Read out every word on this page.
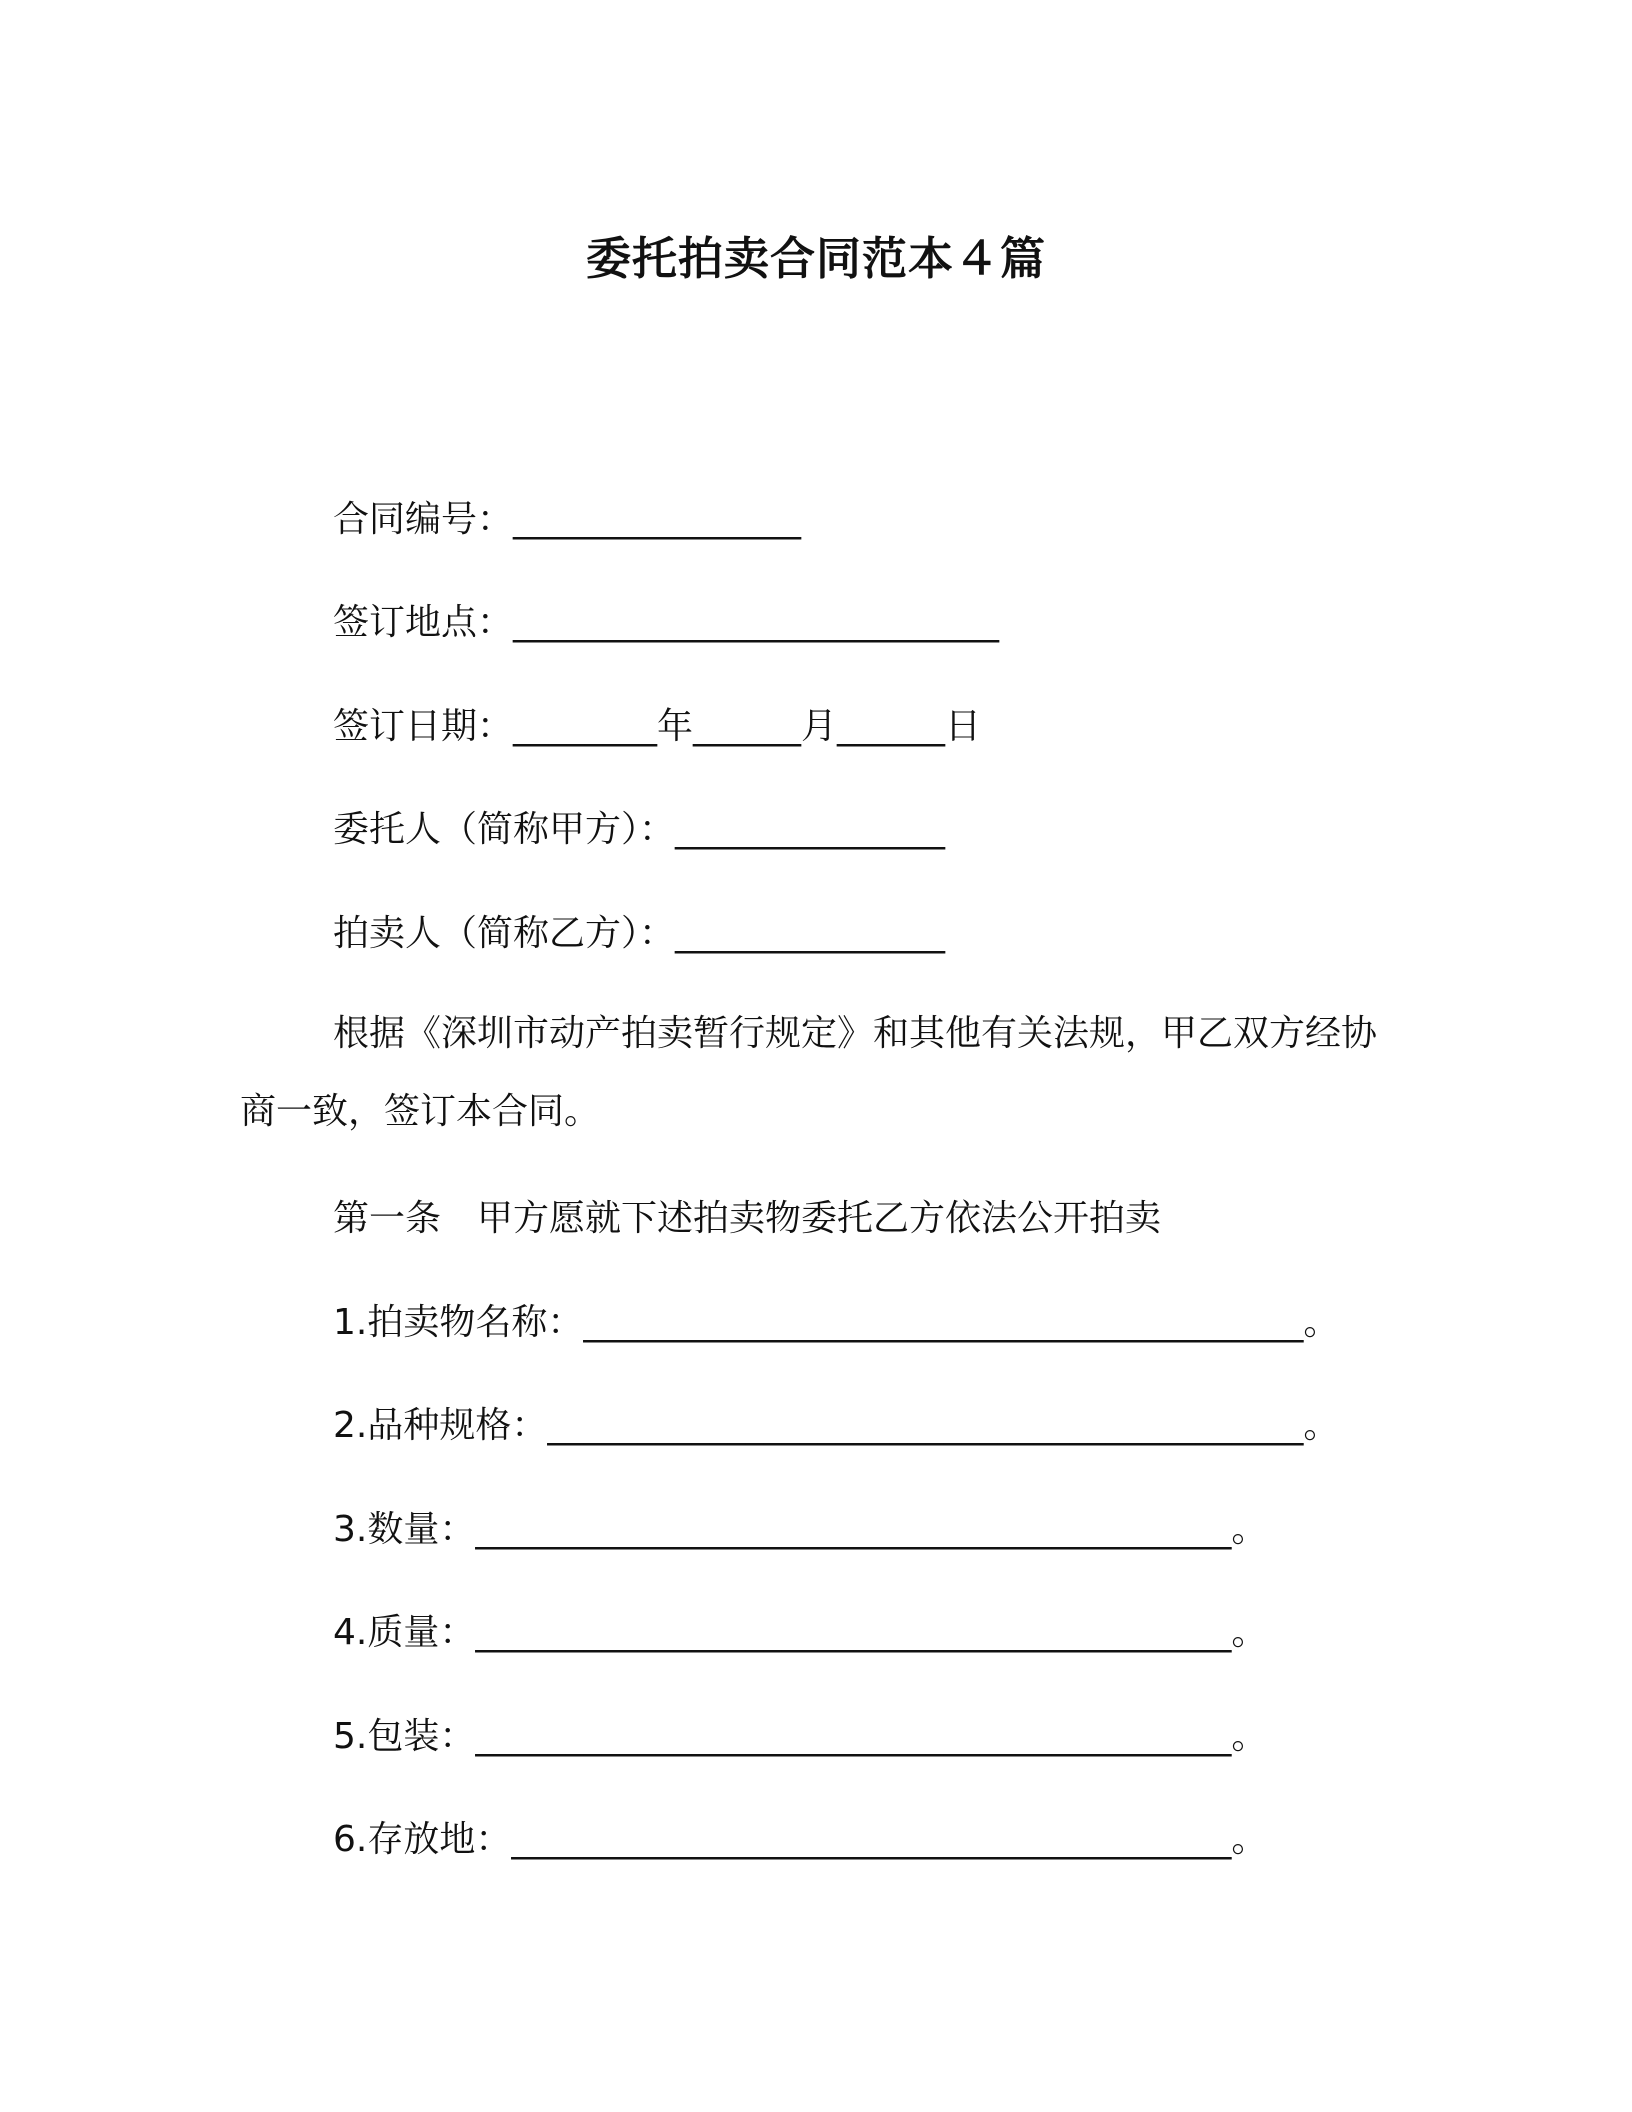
委托拍卖合同范本４篇
合同编号：________________
签订地点：___________________________
签订日期：________年______月______日
委托人（简称甲方）：_______________
拍卖人（简称乙方）：_______________
根据《深圳市动产拍卖暂行规定》和其他有关法规，甲乙双方经协商一致，签订本合同。
第一条　甲方愿就下述拍卖物委托乙方依法公开拍卖
1.拍卖物名称：________________________________________。
2.品种规格：__________________________________________。
3.数量：__________________________________________。
4.质量：__________________________________________。
5.包装：__________________________________________。
6.存放地：________________________________________。
